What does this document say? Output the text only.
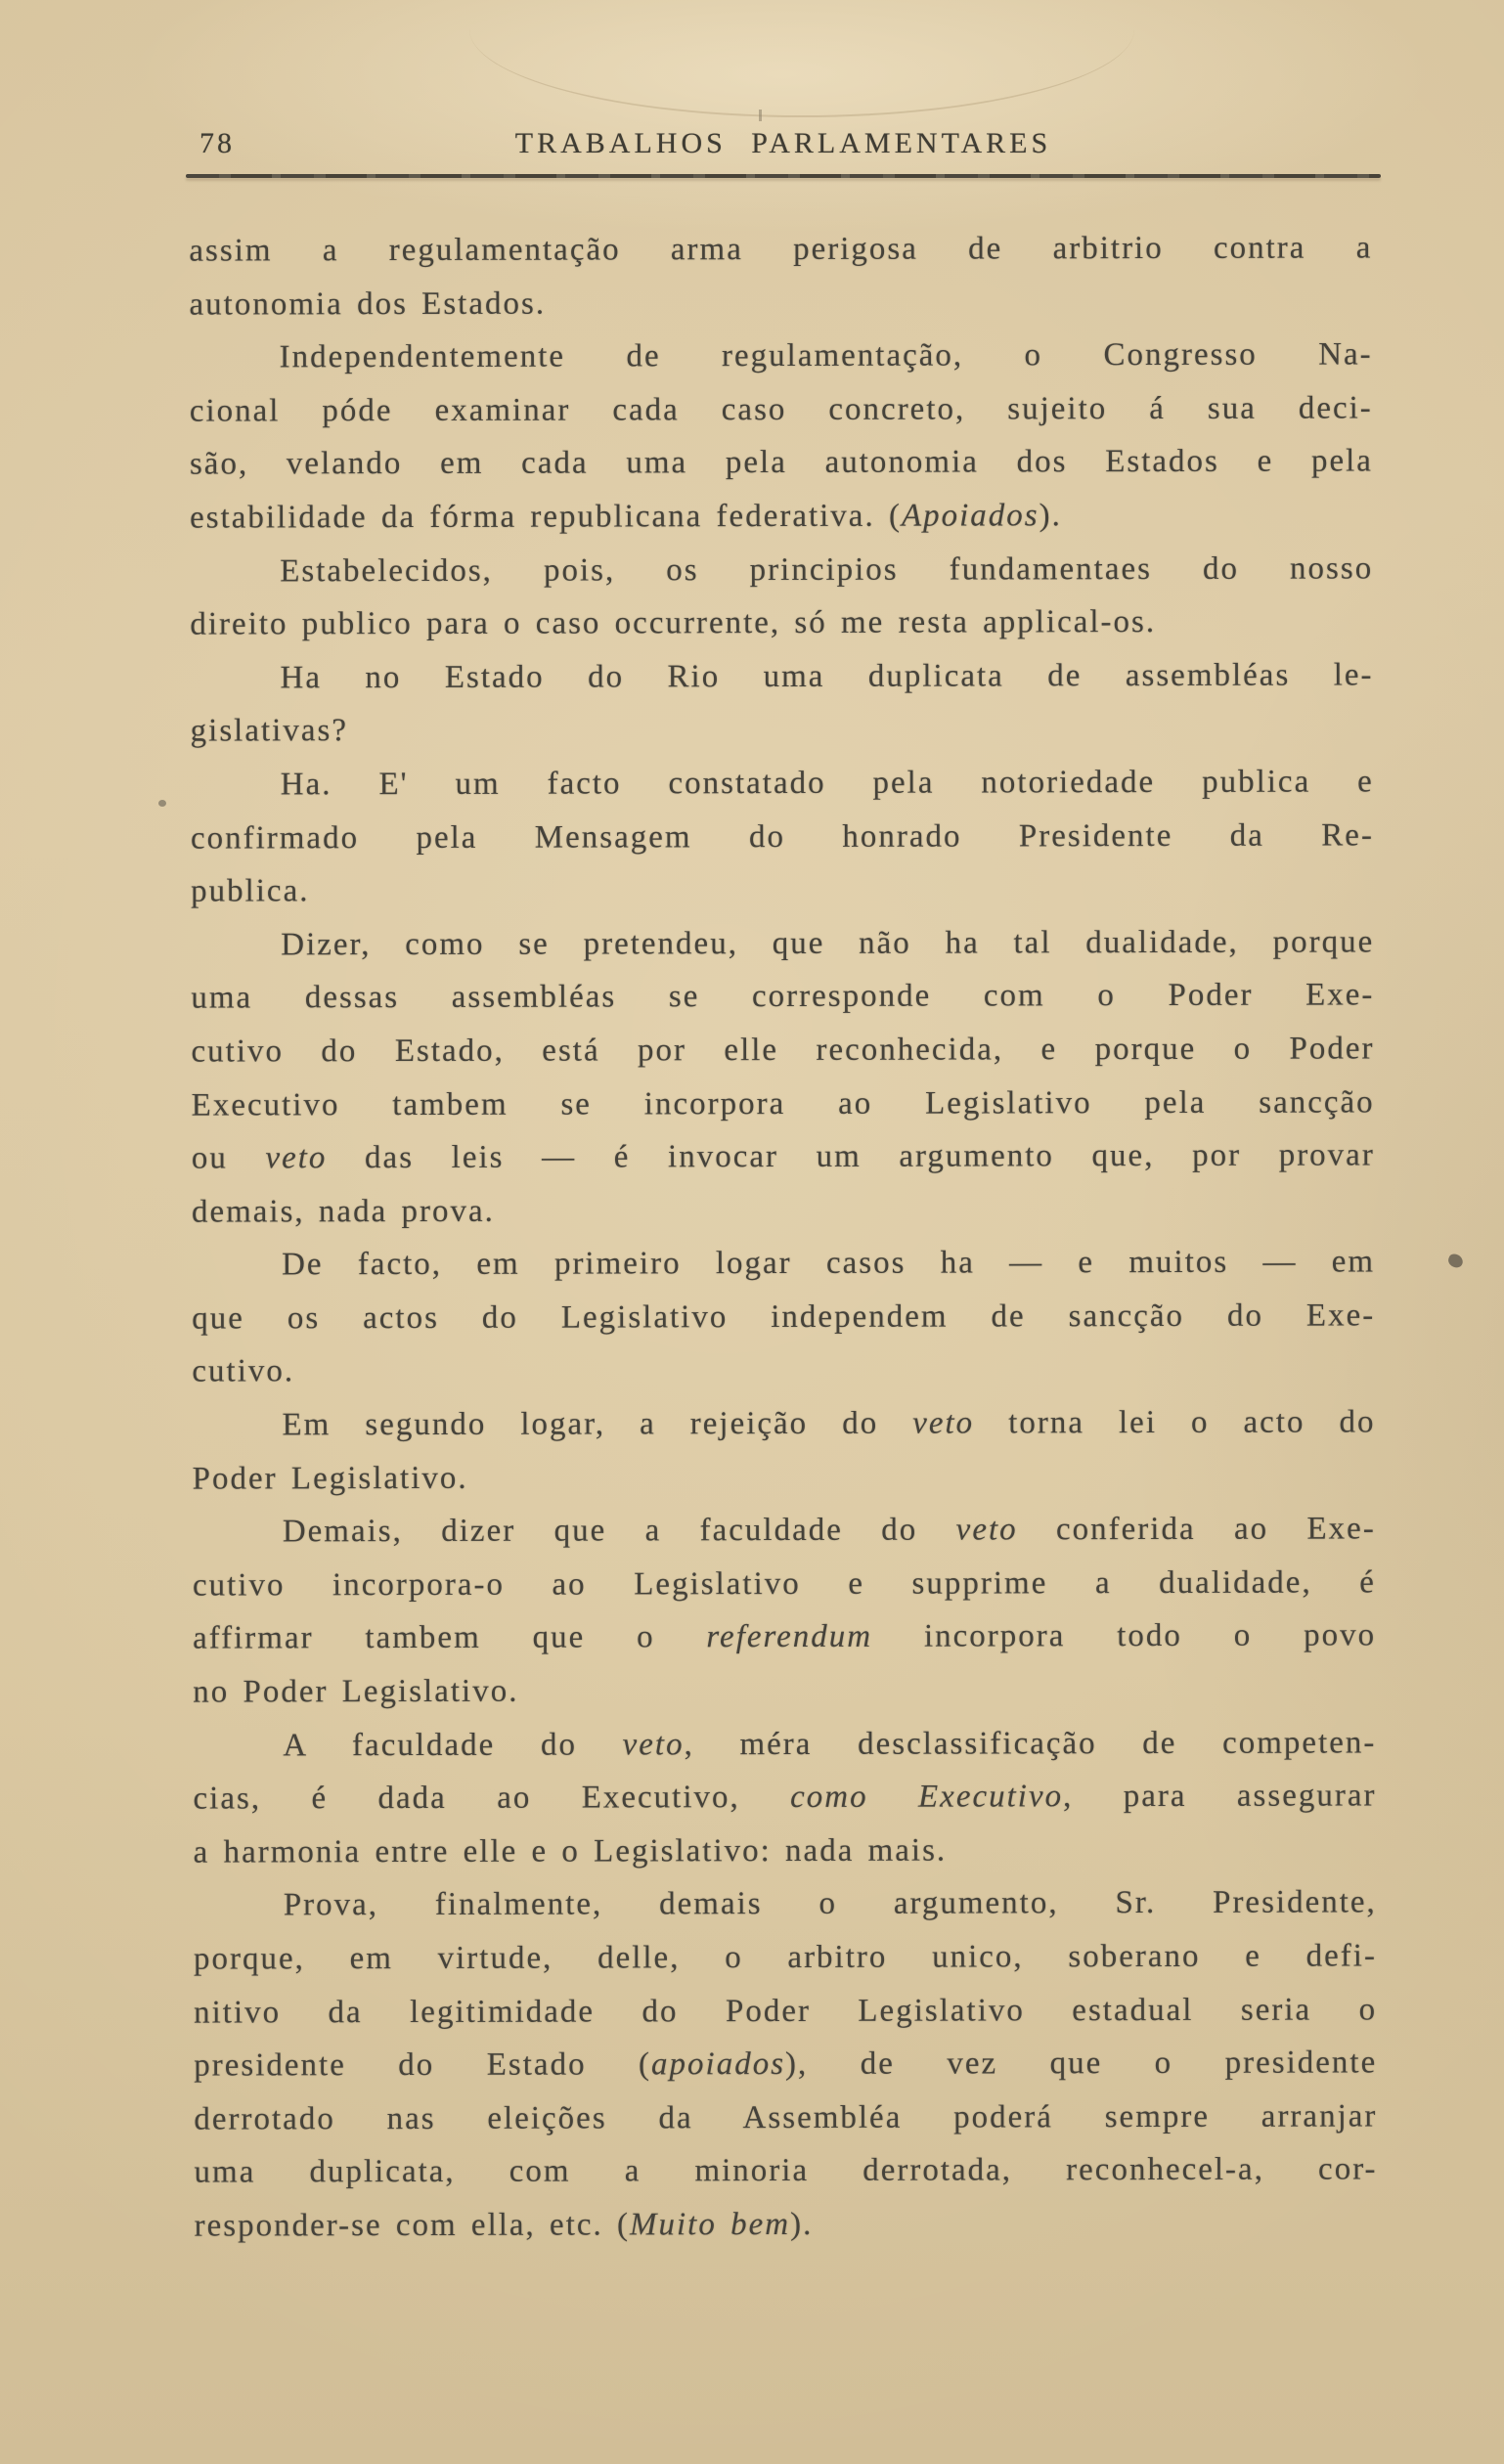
78	TRABALHOS PARLAMENTARES
assim a regulamentação arma perigosa de arbitrio contra a
autonomia dos Estados.
Independentemente de regulamentação, o Congresso Na-
cional póde examinar cada caso concreto, sujeito á sua deci-
são, velando em cada uma pela autonomia dos Estados e pela
estabilidade da fórma republicana federativa. (Apoiados).
Estabelecidos, pois, os principios fundamentaes do nosso
direito publico para o caso occurrente, só me resta applical-os.
Ha no Estado do Rio uma duplicata de assembléas le-
gislativas?
Ha. E' um facto constatado pela notoriedade publica e
confirmado pela Mensagem do honrado Presidente da Re-
publica.
Dizer, como se pretendeu, que não ha tal dualidade, porque
uma dessas assembléas se corresponde com o Poder Exe-
cutivo do Estado, está por elle reconhecida, e porque o Poder
Executivo tambem se incorpora ao Legislativo pela sancção
ou veto das leis — é invocar um argumento que, por provar
demais, nada prova.
De facto, em primeiro logar casos ha — e muitos — em
que os actos do Legislativo independem de sancção do Exe-
cutivo.
Em segundo logar, a rejeição do veto torna lei o acto do
Poder Legislativo.
Demais, dizer que a faculdade do veto conferida ao Exe-
cutivo incorpora-o ao Legislativo e supprime a dualidade, é
affirmar tambem que o referendum incorpora todo o povo
no Poder Legislativo.
A faculdade do veto, méra desclassificação de competen-
cias, é dada ao Executivo, como Executivo, para assegurar
a harmonia entre elle e o Legislativo: nada mais.
Prova, finalmente, demais o argumento, Sr. Presidente,
porque, em virtude, delle, o arbitro unico, soberano e defi-
nitivo da legitimidade do Poder Legislativo estadual seria o
presidente do Estado (apoiados), de vez que o presidente
derrotado nas eleições da Assembléa poderá sempre arranjar
uma duplicata, com a minoria derrotada, reconhecel-a, cor-
responder-se com ella, etc. (Muito bem).
